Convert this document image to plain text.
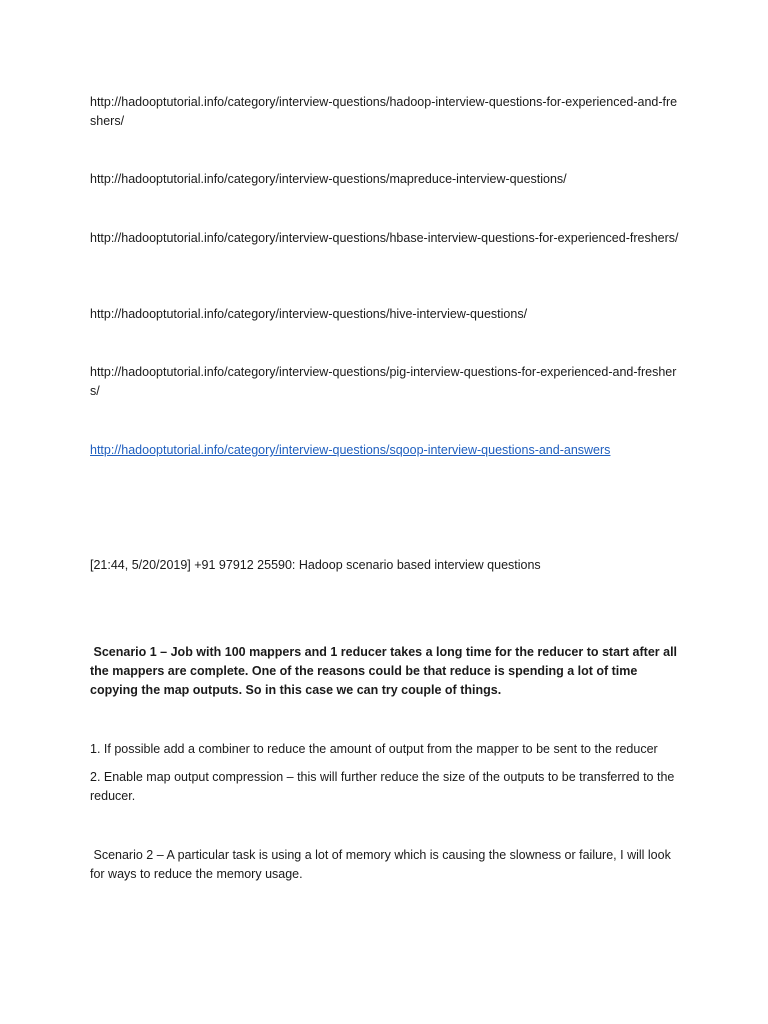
http://hadooptutorial.info/category/interview-questions/hadoop-interview-questions-for-experienced-and-freshers/

http://hadooptutorial.info/category/interview-questions/mapreduce-interview-questions/

http://hadooptutorial.info/category/interview-questions/hbase-interview-questions-for-experienced-freshers/

http://hadooptutorial.info/category/interview-questions/hive-interview-questions/

http://hadooptutorial.info/category/interview-questions/pig-interview-questions-for-experienced-and-freshers/

http://hadooptutorial.info/category/interview-questions/sqoop-interview-questions-and-answers

[21:44, 5/20/2019] +91 97912 25590: Hadoop scenario based interview questions

Scenario 1 – Job with 100 mappers and 1 reducer takes a long time for the reducer to start after all the mappers are complete. One of the reasons could be that reduce is spending a lot of time copying the map outputs. So in this case we can try couple of things.

1. If possible add a combiner to reduce the amount of output from the mapper to be sent to the reducer

2. Enable map output compression – this will further reduce the size of the outputs to be transferred to the reducer.

Scenario 2 – A particular task is using a lot of memory which is causing the slowness or failure, I will look for ways to reduce the memory usage.
